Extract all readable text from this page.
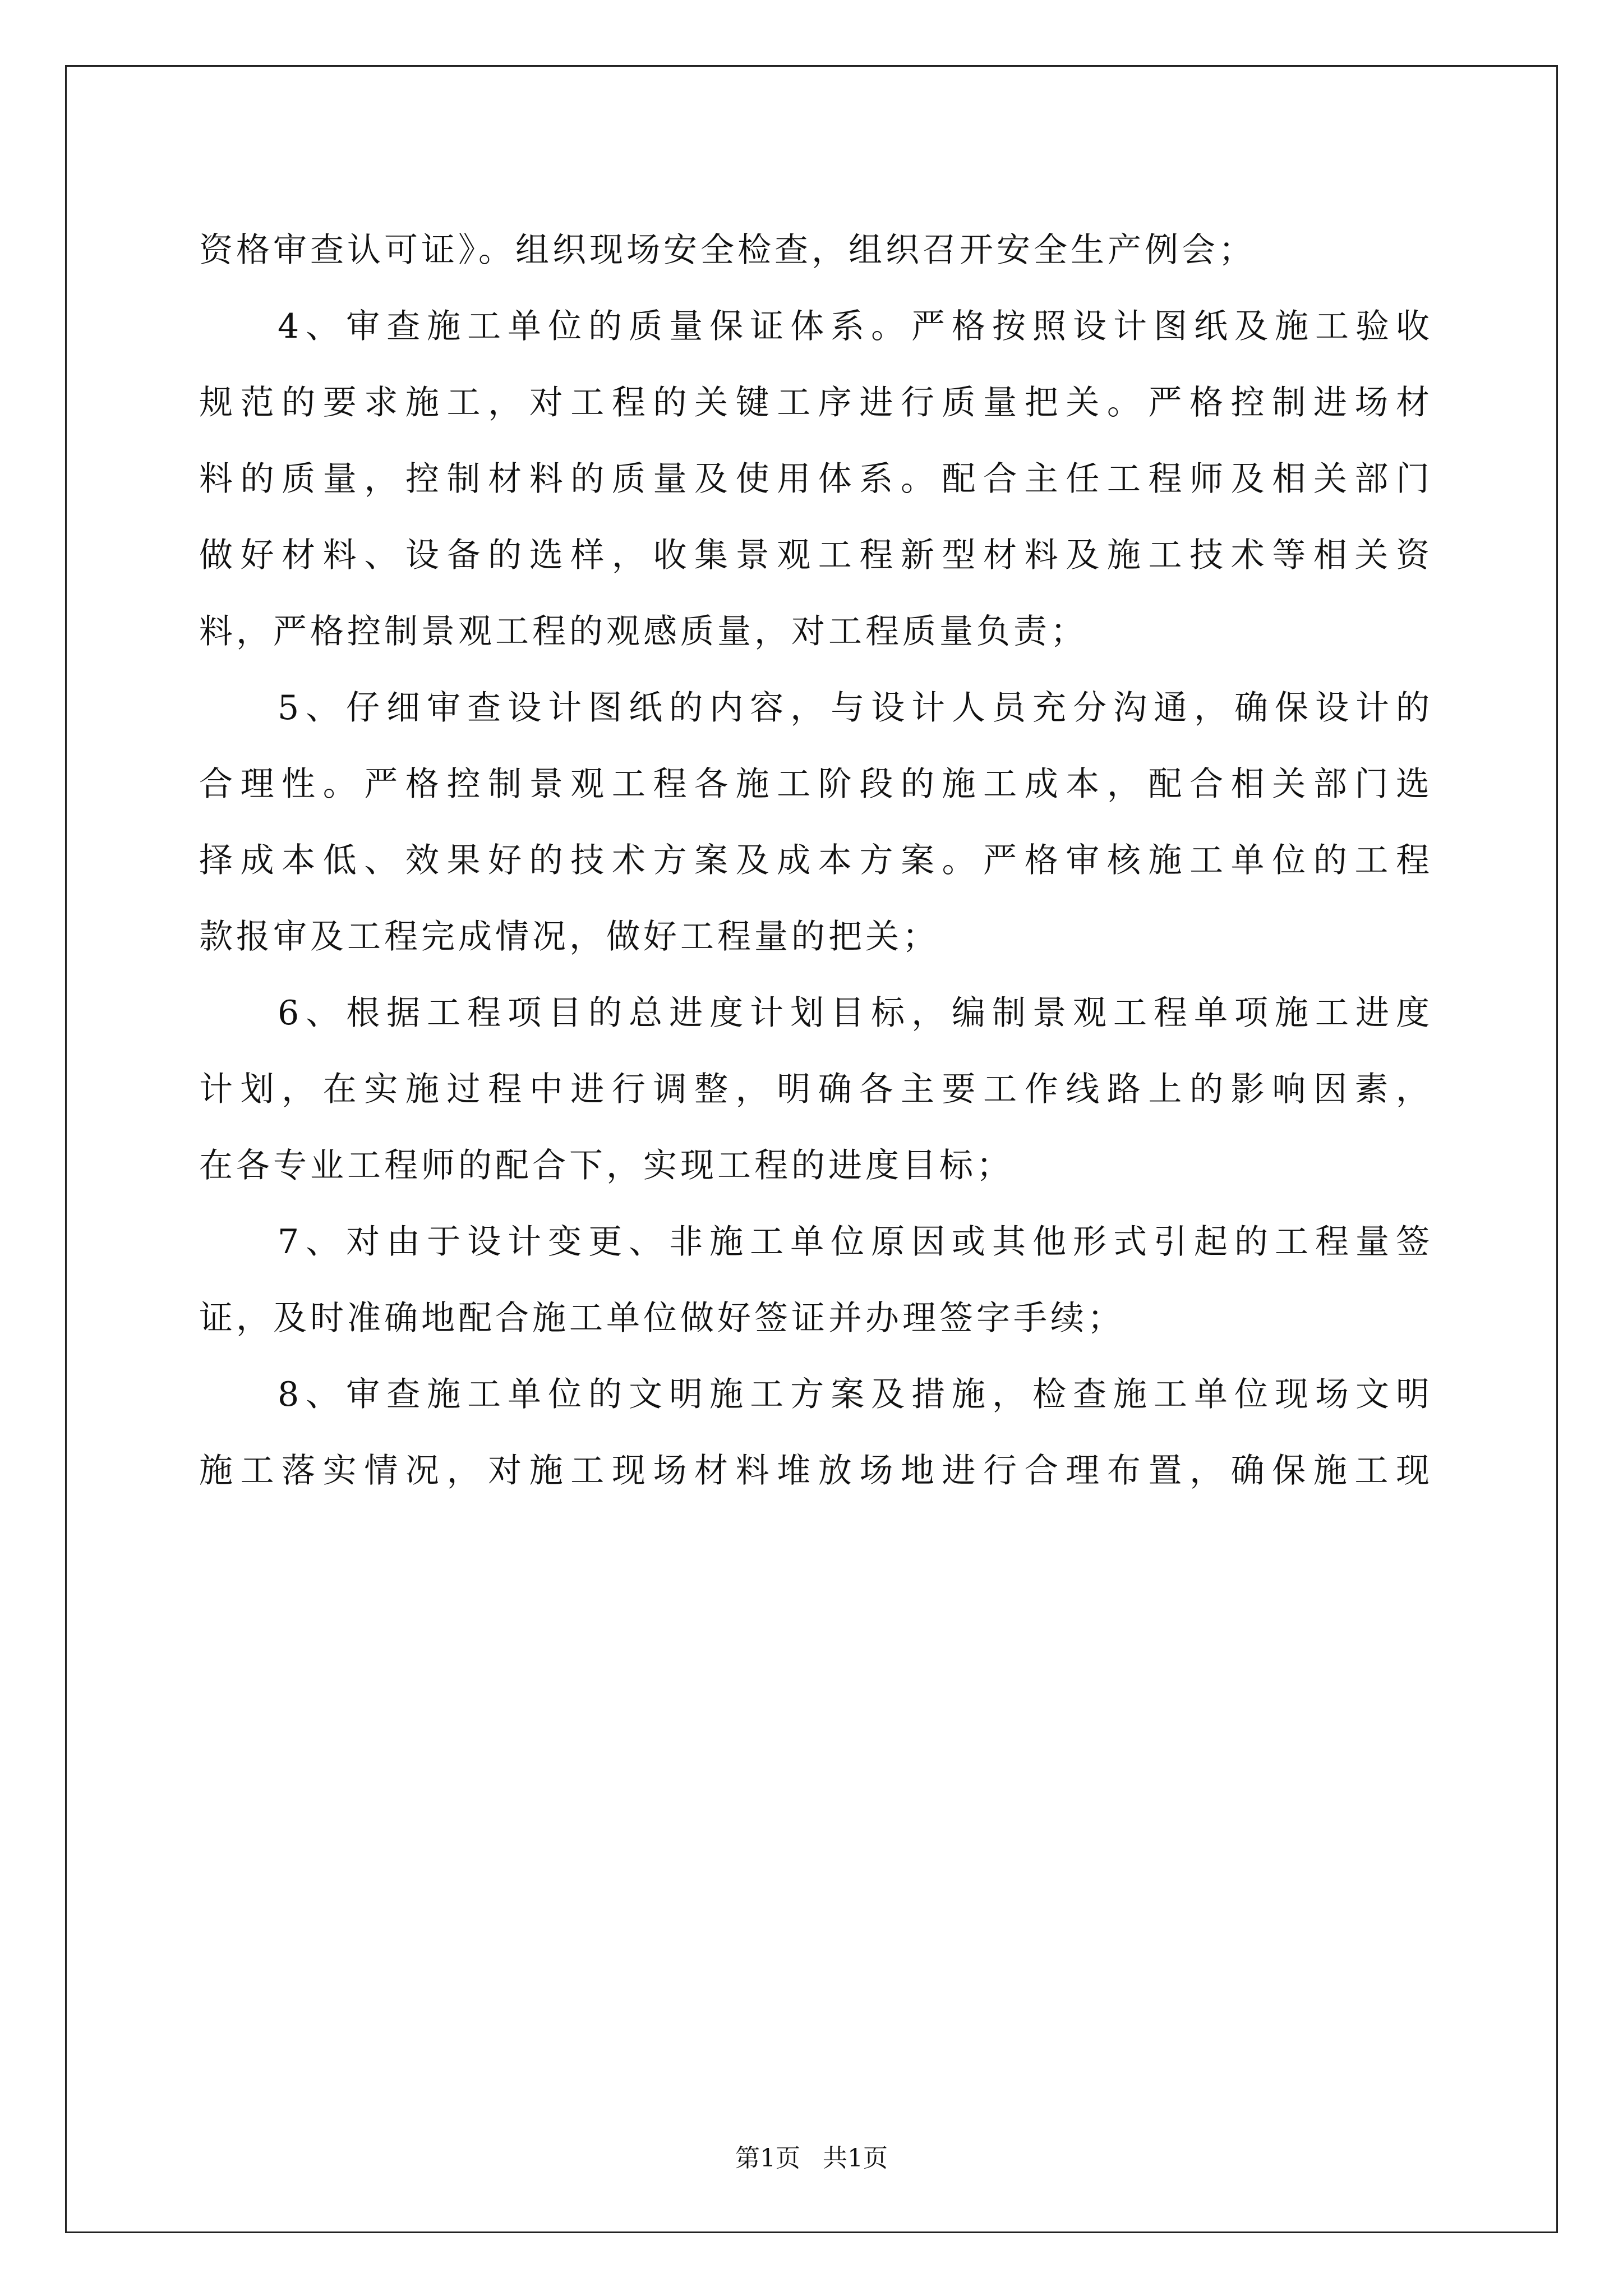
资格审查认可证》。组织现场安全检查，组织召开安全生产例会；
4、审查施工单位的质量保证体系。严格按照设计图纸及施工验收
规范的要求施工，对工程的关键工序进行质量把关。严格控制进场材
料的质量，控制材料的质量及使用体系。配合主任工程师及相关部门
做好材料、设备的选样，收集景观工程新型材料及施工技术等相关资
料，严格控制景观工程的观感质量，对工程质量负责；
5、仔细审查设计图纸的内容，与设计人员充分沟通，确保设计的
合理性。严格控制景观工程各施工阶段的施工成本，配合相关部门选
择成本低、效果好的技术方案及成本方案。严格审核施工单位的工程
款报审及工程完成情况，做好工程量的把关；
6、根据工程项目的总进度计划目标，编制景观工程单项施工进度
计划，在实施过程中进行调整，明确各主要工作线路上的影响因素，
在各专业工程师的配合下，实现工程的进度目标；
7、对由于设计变更、非施工单位原因或其他形式引起的工程量签
证，及时准确地配合施工单位做好签证并办理签字手续；
8、审查施工单位的文明施工方案及措施，检查施工单位现场文明
施工落实情况，对施工现场材料堆放场地进行合理布置，确保施工现
第1页 共1页
